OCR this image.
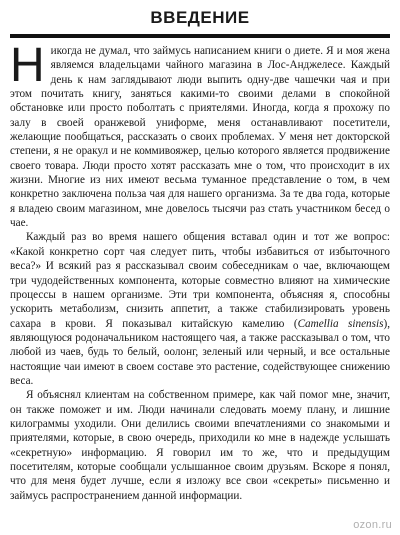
ВВЕДЕНИЕ

Никогда не думал, что займусь написанием книги о диете. Я и моя жена являемся владельцами чайного магазина в Лос-Анджелесе. Каждый день к нам заглядывают люди выпить одну-две чашечки чая и при этом почитать книгу, заняться какими-то своими делами в спокойной обстановке или просто поболтать с приятелями. Иногда, когда я прохожу по залу в своей оранжевой униформе, меня останавливают посетители, желающие пообщаться, рассказать о своих проблемах. У меня нет докторской степени, я не оракул и не коммивояжер, целью которого является продвижение своего товара. Люди просто хотят рассказать мне о том, что происходит в их жизни. Многие из них имеют весьма туманное представление о том, в чем конкретно заключена польза чая для нашего организма. За те два года, которые я владею своим магазином, мне довелось тысячи раз стать участником бесед о чае.

Каждый раз во время нашего общения вставал один и тот же вопрос: «Какой конкретно сорт чая следует пить, чтобы избавиться от избыточного веса?» И всякий раз я рассказывал своим собеседникам о чае, включающем три чудодейственных компонента, которые совместно влияют на химические процессы в нашем организме. Эти три компонента, объясняя я, способны ускорить метаболизм, снизить аппетит, а также стабилизировать уровень сахара в крови. Я показывал китайскую камелию (Camellia sinensis), являющуюся родоначальником настоящего чая, а также рассказывал о том, что любой из чаев, будь то белый, оолонг, зеленый или черный, и все остальные настоящие чаи имеют в своем составе это растение, содействующее снижению веса.

Я объяснял клиентам на собственном примере, как чай помог мне, значит, он также поможет и им. Люди начинали следовать моему плану, и лишние килограммы уходили. Они делились своими впечатлениями со знакомыми и приятелями, которые, в свою очередь, приходили ко мне в надежде услышать «секретную» информацию. Я говорил им то же, что и предыдущим посетителям, которые сообщали услышанное своим друзьям. Вскоре я понял, что для меня будет лучше, если я изложу все свои «секреты» письменно и займусь распространением данной информации.

ozon.ru
